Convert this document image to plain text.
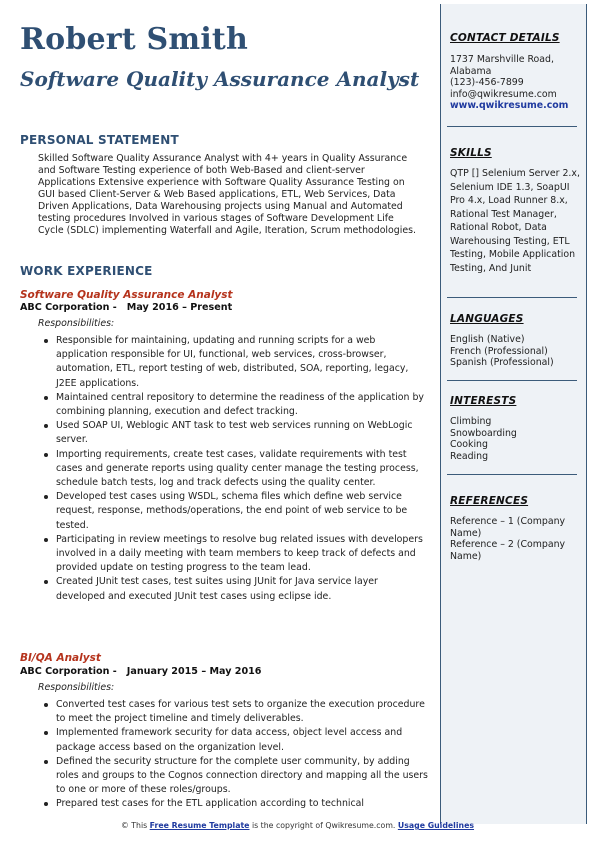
Robert Smith
Software Quality Assurance Analyst
PERSONAL STATEMENT
Skilled Software Quality Assurance Analyst with 4+ years in Quality Assurance and Software Testing experience of both Web-Based and client-server Applications Extensive experience with Software Quality Assurance Testing on GUI based Client-Server & Web Based applications, ETL, Web Services, Data Driven Applications, Data Warehousing projects using Manual and Automated testing procedures Involved in various stages of Software Development Life Cycle (SDLC) implementing Waterfall and Agile, Iteration, Scrum methodologies.
WORK EXPERIENCE
Software Quality Assurance Analyst
ABC Corporation -   May 2016 – Present
Responsibilities:
Responsible for maintaining, updating and running scripts for a web application responsible for UI, functional, web services, cross-browser, automation, ETL, report testing of web, distributed, SOA, reporting, legacy, J2EE applications.
Maintained central repository to determine the readiness of the application by combining planning, execution and defect tracking.
Used SOAP UI, Weblogic ANT task to test web services running on WebLogic server.
Importing requirements, create test cases, validate requirements with test cases and generate reports using quality center manage the testing process, schedule batch tests, log and track defects using the quality center.
Developed test cases using WSDL, schema files which define web service request, response, methods/operations, the end point of web service to be tested.
Participating in review meetings to resolve bug related issues with developers involved in a daily meeting with team members to keep track of defects and provided update on testing progress to the team lead.
Created JUnit test cases, test suites using JUnit for Java service layer developed and executed JUnit test cases using eclipse ide.
BI/QA Analyst
ABC Corporation -   January 2015 – May 2016
Responsibilities:
Converted test cases for various test sets to organize the execution procedure to meet the project timeline and timely deliverables.
Implemented framework security for data access, object level access and package access based on the organization level.
Defined the security structure for the complete user community, by adding roles and groups to the Cognos connection directory and mapping all the users to one or more of these roles/groups.
Prepared test cases for the ETL application according to technical
CONTACT DETAILS
1737 Marshville Road,
Alabama
(123)-456-7899
info@qwikresume.com
www.qwikresume.com
SKILLS
QTP [] Selenium Server 2.x, Selenium IDE 1.3, SoapUI Pro 4.x, Load Runner 8.x, Rational Test Manager, Rational Robot, Data Warehousing Testing, ETL Testing, Mobile Application Testing, And Junit
LANGUAGES
English (Native)
French (Professional)
Spanish (Professional)
INTERESTS
Climbing
Snowboarding
Cooking
Reading
REFERENCES
Reference – 1 (Company Name)
Reference – 2 (Company Name)
© This Free Resume Template is the copyright of Qwikresume.com. Usage Guidelines
